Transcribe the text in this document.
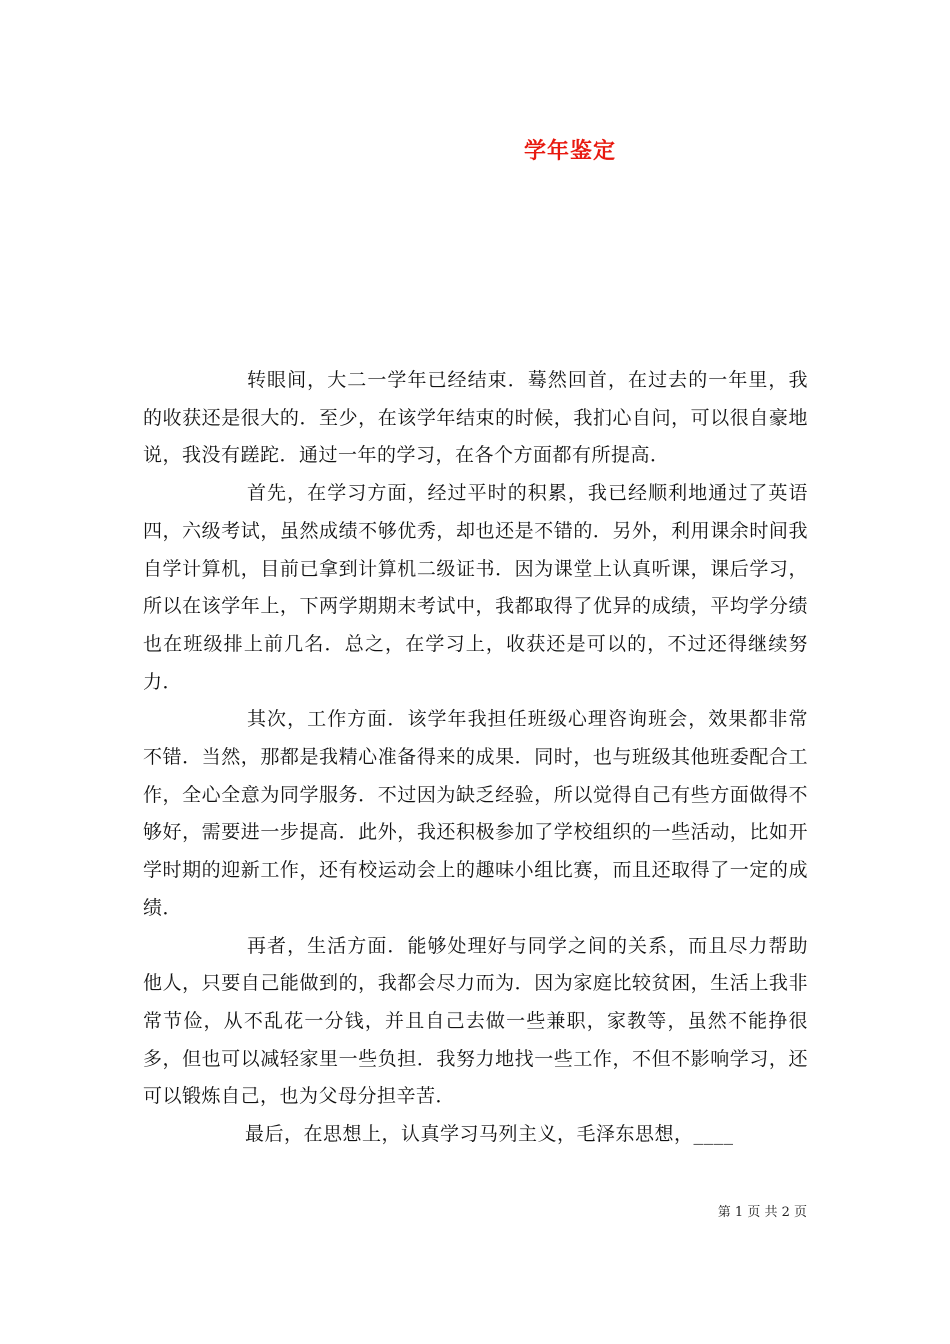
学年鉴定

转眼间，大二一学年已经结束．蓦然回首，在过去的一年里，我的收获还是很大的．至少，在该学年结束的时候，我扪心自问，可以很自豪地说，我没有蹉跎．通过一年的学习，在各个方面都有所提高．

首先，在学习方面，经过平时的积累，我已经顺利地通过了英语四，六级考试，虽然成绩不够优秀，却也还是不错的．另外，利用课余时间我自学计算机，目前已拿到计算机二级证书．因为课堂上认真听课，课后学习，所以在该学年上，下两学期期末考试中，我都取得了优异的成绩，平均学分绩也在班级排上前几名．总之，在学习上，收获还是可以的，不过还得继续努力．

其次，工作方面．该学年我担任班级心理咨询班会，效果都非常不错．当然，那都是我精心准备得来的成果．同时，也与班级其他班委配合工作，全心全意为同学服务．不过因为缺乏经验，所以觉得自己有些方面做得不够好，需要进一步提高．此外，我还积极参加了学校组织的一些活动，比如开学时期的迎新工作，还有校运动会上的趣味小组比赛，而且还取得了一定的成绩．

再者，生活方面．能够处理好与同学之间的关系，而且尽力帮助他人，只要自己能做到的，我都会尽力而为．因为家庭比较贫困，生活上我非常节俭，从不乱花一分钱，并且自己去做一些兼职，家教等，虽然不能挣很多，但也可以减轻家里一些负担．我努力地找一些工作，不但不影响学习，还可以锻炼自己，也为父母分担辛苦．

最后，在思想上，认真学习马列主义，毛泽东思想，____

第 1 页 共 2 页
